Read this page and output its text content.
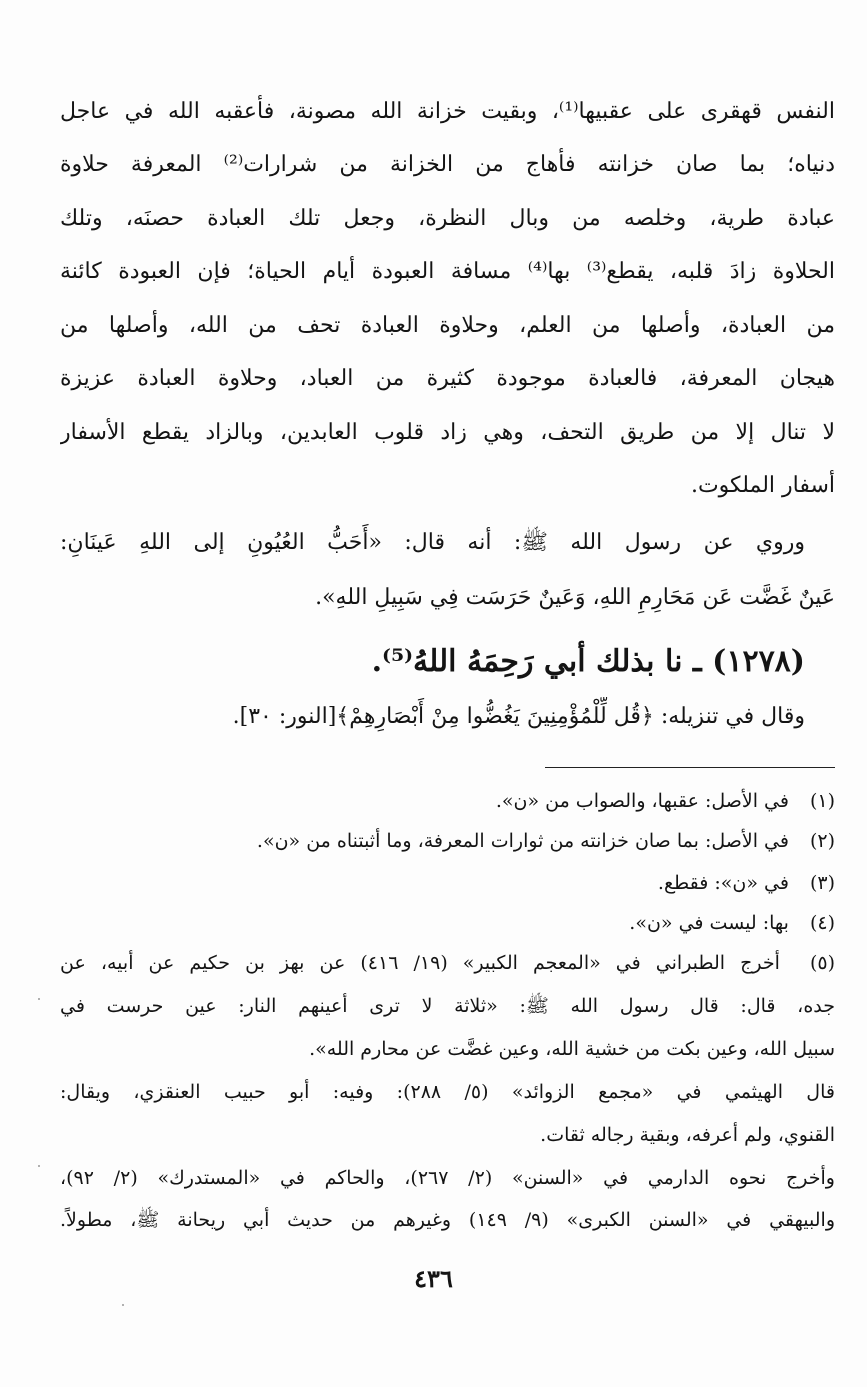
النفس قهقرى على عقبيها⁽¹⁾، وبقيت خزانة الله مصونة، فأعقبه الله في عاجل
دنياه؛ بما صان خزانته فأهاج من الخزانة من شرارات⁽²⁾ المعرفة حلاوة
عبادة طرية، وخلصه من وبال النظرة، وجعل تلك العبادة حصنَه، وتلك
الحلاوة زادَ قلبه، يقطع⁽³⁾ بها⁽⁴⁾ مسافة العبودة أيام الحياة؛ فإن العبودة كائنة
من العبادة، وأصلها من العلم، وحلاوة العبادة تحف من الله، وأصلها من
هيجان المعرفة، فالعبادة موجودة كثيرة من العباد، وحلاوة العبادة عزيزة
لا تنال إلا من طريق التحف، وهي زاد قلوب العابدين، وبالزاد يقطع الأسفار
أسفار الملكوت.
وروي عن رسول الله ﷺ: أنه قال: «أَحَبُّ العُيُونِ إلى اللهِ عَينَانِ:
عَينٌ غَضَّت عَن مَحَارِمِ اللهِ، وَعَينٌ حَرَسَت فِي سَبِيلِ اللهِ».
(١٢٧٨) ـ نا بذلك أبي رَحِمَهُ اللهُ⁽⁵⁾.
وقال في تنزيله: ﴿قُل لِّلْمُؤْمِنِينَ يَغُضُّوا مِنْ أَبْصَارِهِمْ﴾[النور: ٣٠].
(١) في الأصل: عقبها، والصواب من «ن».
(٢) في الأصل: بما صان خزانته من ثوارات المعرفة، وما أثبتناه من «ن».
(٣) في «ن»: فقطع.
(٤) بها: ليست في «ن».
(٥) أخرج الطبراني في «المعجم الكبير» (١٩/ ٤١٦) عن بهز بن حكيم عن أبيه، عن
جده، قال: قال رسول الله ﷺ: «ثلاثة لا ترى أعينهم النار: عين حرست في
سبيل الله، وعين بكت من خشية الله، وعين غضَّت عن محارم الله».
قال الهيثمي في «مجمع الزوائد» (٥/ ٢٨٨): وفيه: أبو حبيب العنقزي، ويقال:
القنوي، ولم أعرفه، وبقية رجاله ثقات.
وأخرج نحوه الدارمي في «السنن» (٢/ ٢٦٧)، والحاكم في «المستدرك» (٢/ ٩٢)،
والبيهقي في «السنن الكبرى» (٩/ ١٤٩) وغيرهم من حديث أبي ريحانة ﷺ، مطولاً.
٤٣٦
